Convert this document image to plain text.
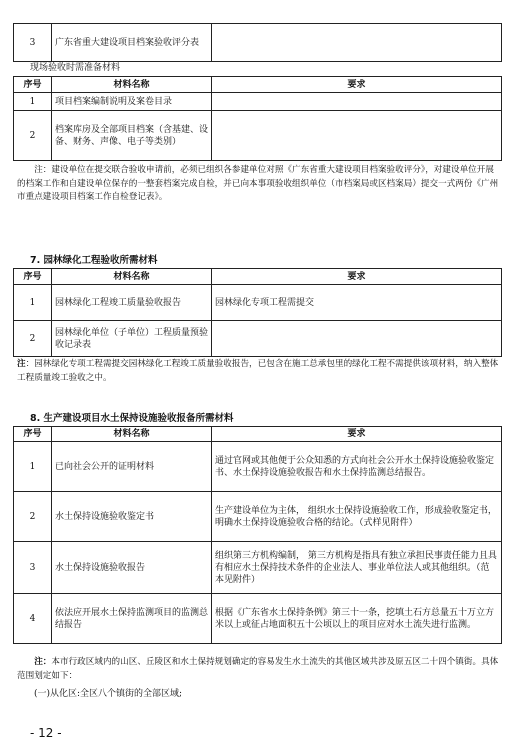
3	广东省重大建设项目档案验收评分表	
现场验收时需准备材料
序号	材料名称	要求
1	项目档案编制说明及案卷目录	
2	档案库房及全部项目档案（含基建、设备、财务、声像、电子等类别）	
注：建设单位在提交联合验收申请前，必须已组织各参建单位对照《广东省重大建设项目档案验收评分》，对建设单位开展的档案工作和自建设单位保存的一整套档案完成自检，并已向本事项验收组织单位（市档案局或区档案局）提交一式两份《广州市重点建设项目档案工作自检登记表》。
7. 园林绿化工程验收所需材料
序号	材料名称	要求
1	园林绿化工程竣工质量验收报告	园林绿化专项工程需提交
2	园林绿化单位（子单位）工程质量预验收记录表	
注：园林绿化专项工程需提交园林绿化工程竣工质量验收报告，已包含在施工总承包里的绿化工程不需提供该项材料，纳入整体工程质量竣工验收之中。
8. 生产建设项目水土保持设施验收报备所需材料
序号	材料名称	要求
1	已向社会公开的证明材料	通过官网或其他便于公众知悉的方式向社会公开水土保持设施验收鉴定书、水土保持设施验收报告和水土保持监测总结报告。
2	水土保持设施验收鉴定书	生产建设单位为主体， 组织水土保持设施验收工作，形成验收鉴定书，明确水土保持设施验收合格的结论。（式样见附件）
3	水土保持设施验收报告	组织第三方机构编制， 第三方机构是指具有独立承担民事责任能力且具有相应水土保持技术条件的企业法人、事业单位法人或其他组织。（范本见附件）
4	依法应开展水土保持监测项目的监测总结报告	根据《广东省水土保持条例》第三十一条，挖填土石方总量五十万立方米以上或征占地面积五十公顷以上的项目应对水土流失进行监测。
注：本市行政区域内的山区、丘陵区和水土保持规划确定的容易发生水土流失的其他区域共涉及原五区二十四个镇街。具体范围划定如下：
(一)从化区:全区八个镇街的全部区域;
- 12 -
